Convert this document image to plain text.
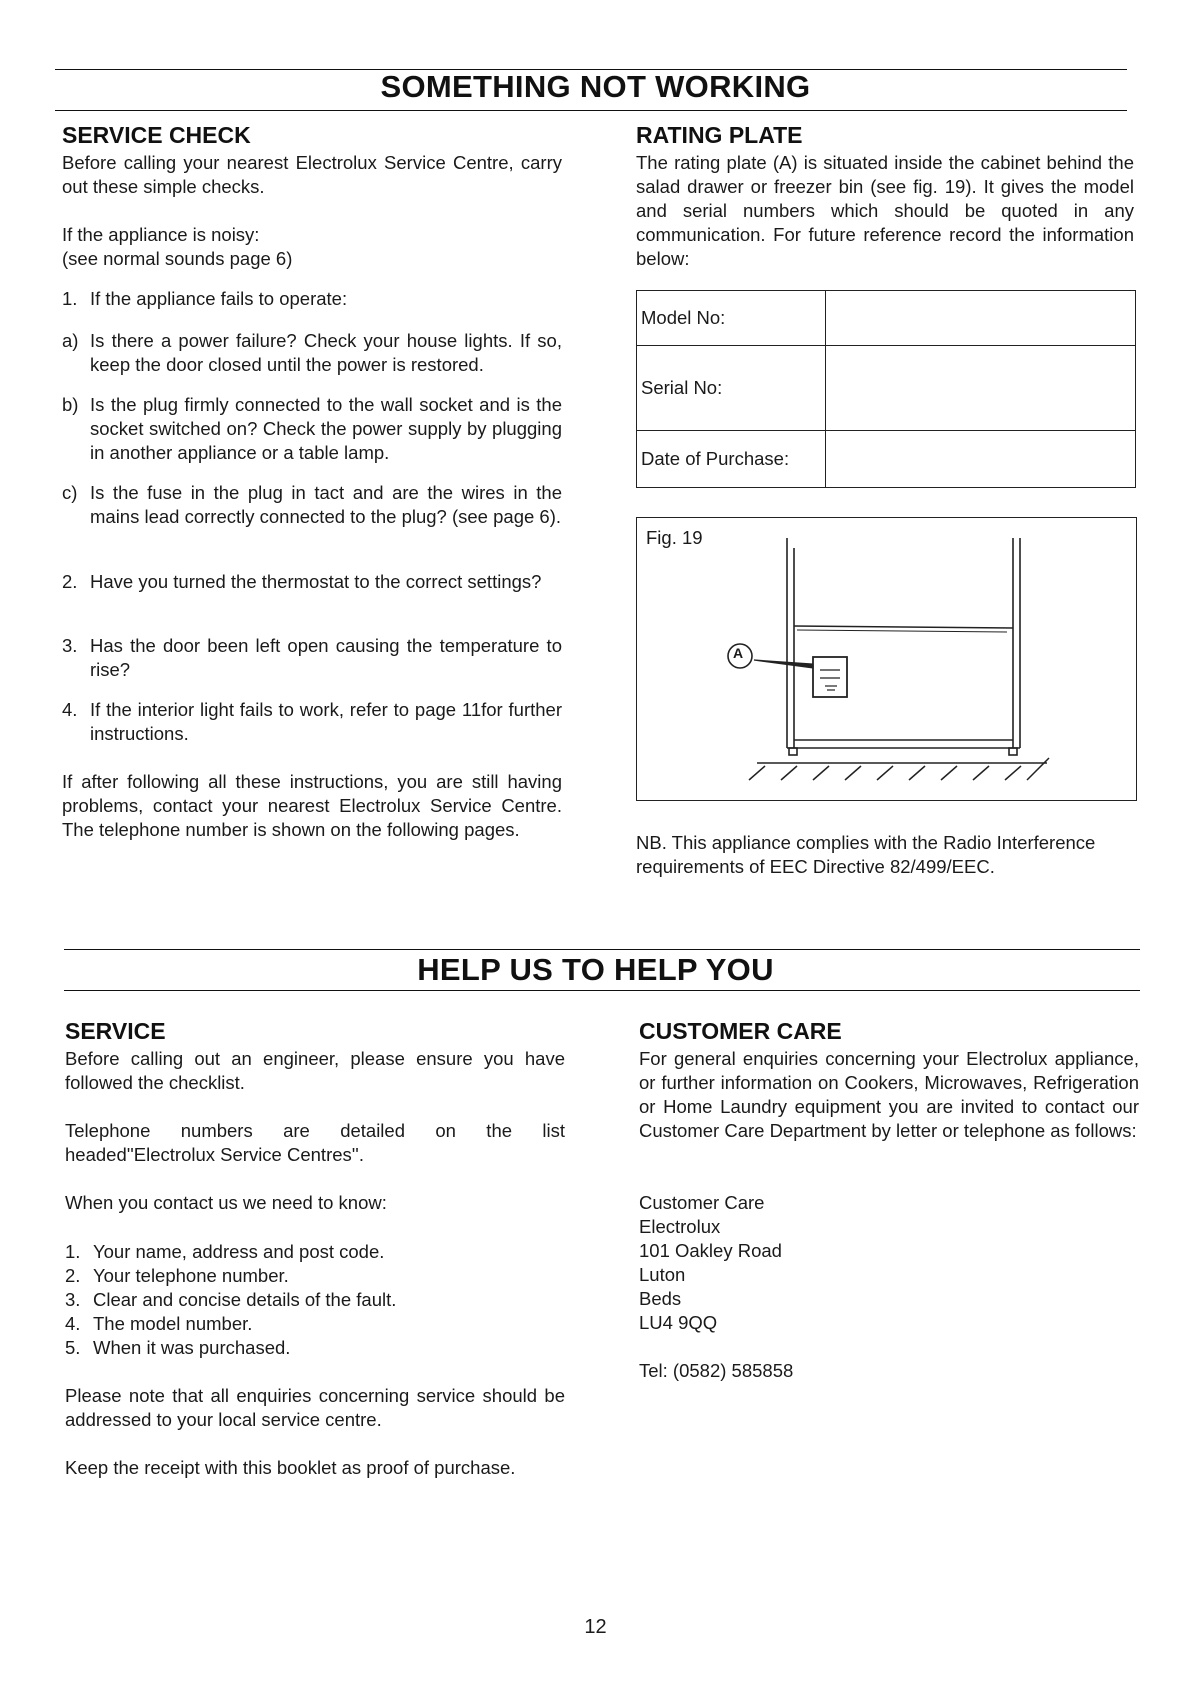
SOMETHING NOT WORKING
SERVICE CHECK

Before calling your nearest Electrolux Service Centre, carry out these simple checks.

If the appliance is noisy:
(see normal sounds page 6)
1. If the appliance fails to operate:
a) Is there a power failure? Check your house lights. If so, keep the door closed until the power is restored.
b) Is the plug firmly connected to the wall socket and is the socket switched on? Check the power supply by plugging in another appliance or a table lamp.
c) Is the fuse in the plug in tact and are the wires in the mains lead correctly connected to the plug? (see page 6).
2. Have you turned the thermostat to the correct settings?
3. Has the door been left open causing the temperature to rise?
4. If the interior light fails to work, refer to page 11for further instructions.

If after following all these instructions, you are still having problems, contact your nearest Electrolux Service Centre. The telephone number is shown on the following pages.

RATING PLATE

The rating plate (A) is situated inside the cabinet behind the salad drawer or freezer bin (see fig. 19). It gives the model and serial numbers which should be quoted in any communication. For future reference record the information below:

Model No:	
Serial No:	
Date of Purchase:	
Fig. 19
A

NB. This appliance complies with the Radio Interference requirements of EEC Directive 82/499/EEC.

HELP US TO HELP YOU
SERVICE

Before calling out an engineer, please ensure you have followed the checklist.

Telephone numbers are detailed on the list headed''Electrolux Service Centres''.

When you contact us we need to know:

1. Your name, address and post code.
2. Your telephone number.
3. Clear and concise details of the fault.
4. The model number.
5. When it was purchased.

Please note that all enquiries concerning service should be addressed to your local service centre.

Keep the receipt with this booklet as proof of purchase.

CUSTOMER CARE

For general enquiries concerning your Electrolux appliance, or further information on Cookers, Microwaves, Refrigeration or Home Laundry equipment you are invited to contact our Customer Care Department by letter or telephone as follows:

Customer Care
Electrolux
101 Oakley Road
Luton
Beds
LU4 9QQ
Tel: (0582) 585858
12
